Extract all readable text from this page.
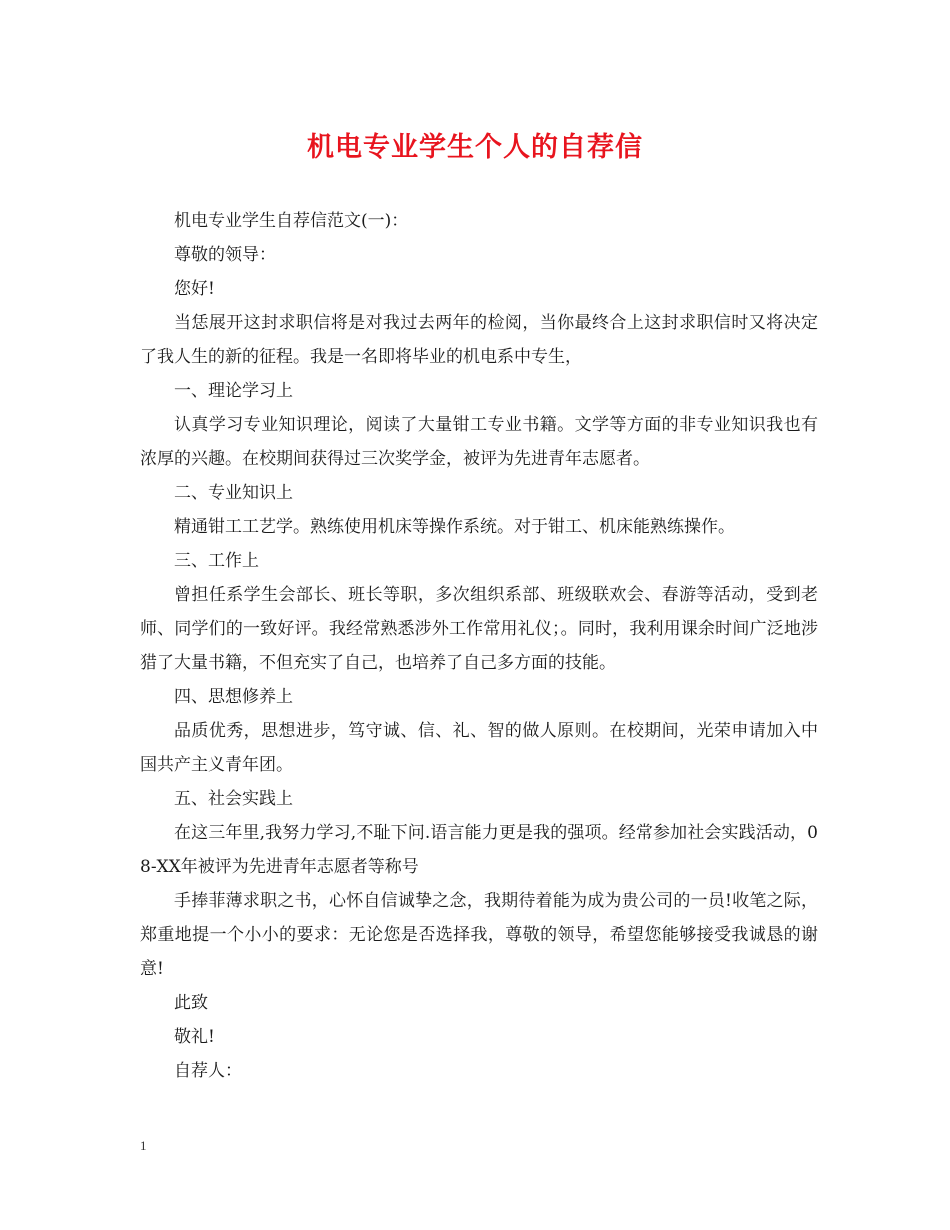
机电专业学生个人的自荐信

机电专业学生自荐信范文(一)：

尊敬的领导：

您好!

当恁展开这封求职信将是对我过去两年的检阅，当你最终合上这封求职信时又将决定了我人生的新的征程。我是一名即将毕业的机电系中专生，

一、理论学习上

认真学习专业知识理论，阅读了大量钳工专业书籍。文学等方面的非专业知识我也有浓厚的兴趣。在校期间获得过三次奖学金，被评为先进青年志愿者。

二、专业知识上

精通钳工工艺学。熟练使用机床等操作系统。对于钳工、机床能熟练操作。

三、工作上

曾担任系学生会部长、班长等职，多次组织系部、班级联欢会、春游等活动，受到老师、同学们的一致好评。我经常熟悉涉外工作常用礼仪；。同时，我利用课余时间广泛地涉猎了大量书籍，不但充实了自己，也培养了自己多方面的技能。

四、思想修养上

品质优秀，思想进步，笃守诚、信、礼、智的做人原则。在校期间，光荣申请加入中国共产主义青年团。

五、社会实践上

在这三年里,我努力学习,不耻下问.语言能力更是我的强项。经常参加社会实践活动，08-XX年被评为先进青年志愿者等称号

手捧菲薄求职之书，心怀自信诚挚之念，我期待着能为成为贵公司的一员!收笔之际，郑重地提一个小小的要求：无论您是否选择我，尊敬的领导，希望您能够接受我诚恳的谢意!

此致

敬礼!

自荐人：

1
